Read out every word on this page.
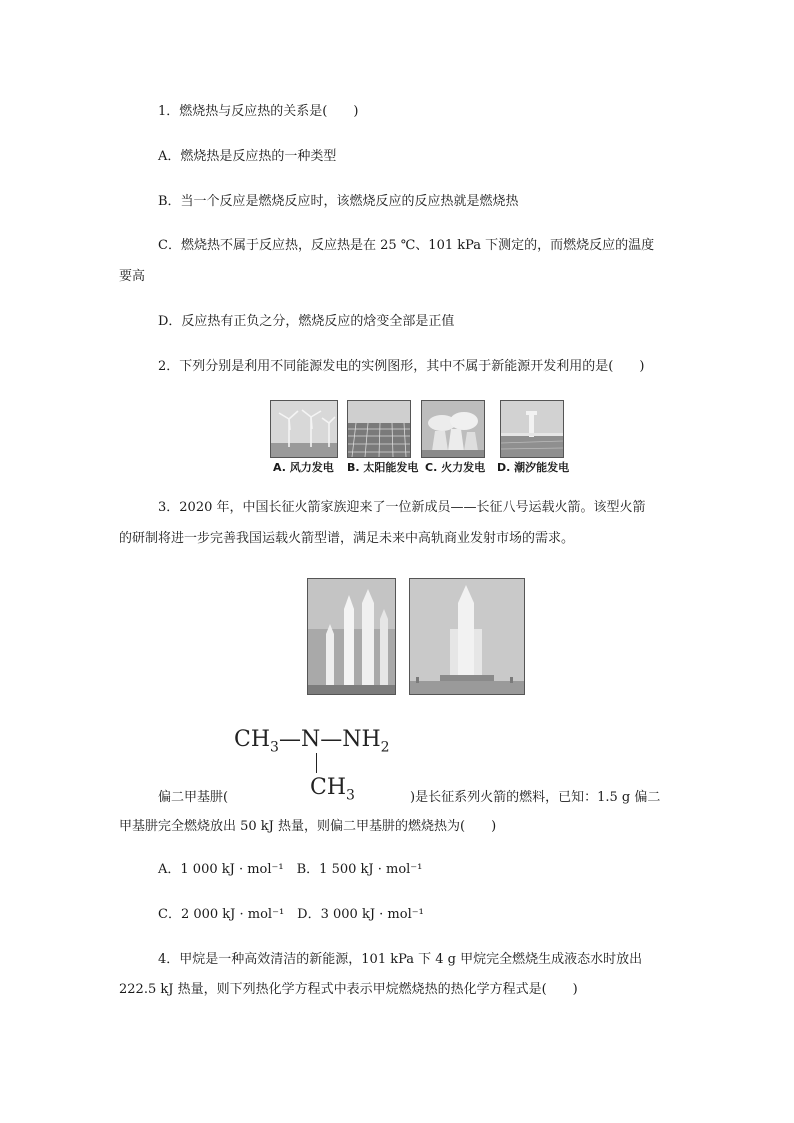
1．燃烧热与反应热的关系是(　　)
A．燃烧热是反应热的一种类型
B．当一个反应是燃烧反应时，该燃烧反应的反应热就是燃烧热
C．燃烧热不属于反应热，反应热是在 25 ℃、101 kPa 下测定的，而燃烧反应的温度
要高
D．反应热有正负之分，燃烧反应的焓变全部是正值
2．下列分别是利用不同能源发电的实例图形，其中不属于新能源开发利用的是(　　)
A. 风力发电 B. 太阳能发电 C. 火力发电 D. 潮汐能发电
3．2020 年，中国长征火箭家族迎来了一位新成员——长征八号运载火箭。该型火箭
的研制将进一步完善我国运载火箭型谱，满足未来中高轨商业发射市场的需求。
$CH_3—N—NH_2$
$CH_3$
偏二甲基肼(	)是长征系列火箭的燃料，已知：1.5 g 偏二
甲基肼完全燃烧放出 50 kJ 热量，则偏二甲基肼的燃烧热为(　　)
A．1 000 kJ · mol⁻¹　B．1 500 kJ · mol⁻¹
C．2 000 kJ · mol⁻¹　D．3 000 kJ · mol⁻¹
4．甲烷是一种高效清洁的新能源，101 kPa 下 4 g 甲烷完全燃烧生成液态水时放出
222.5 kJ 热量，则下列热化学方程式中表示甲烷燃烧热的热化学方程式是(　　)
